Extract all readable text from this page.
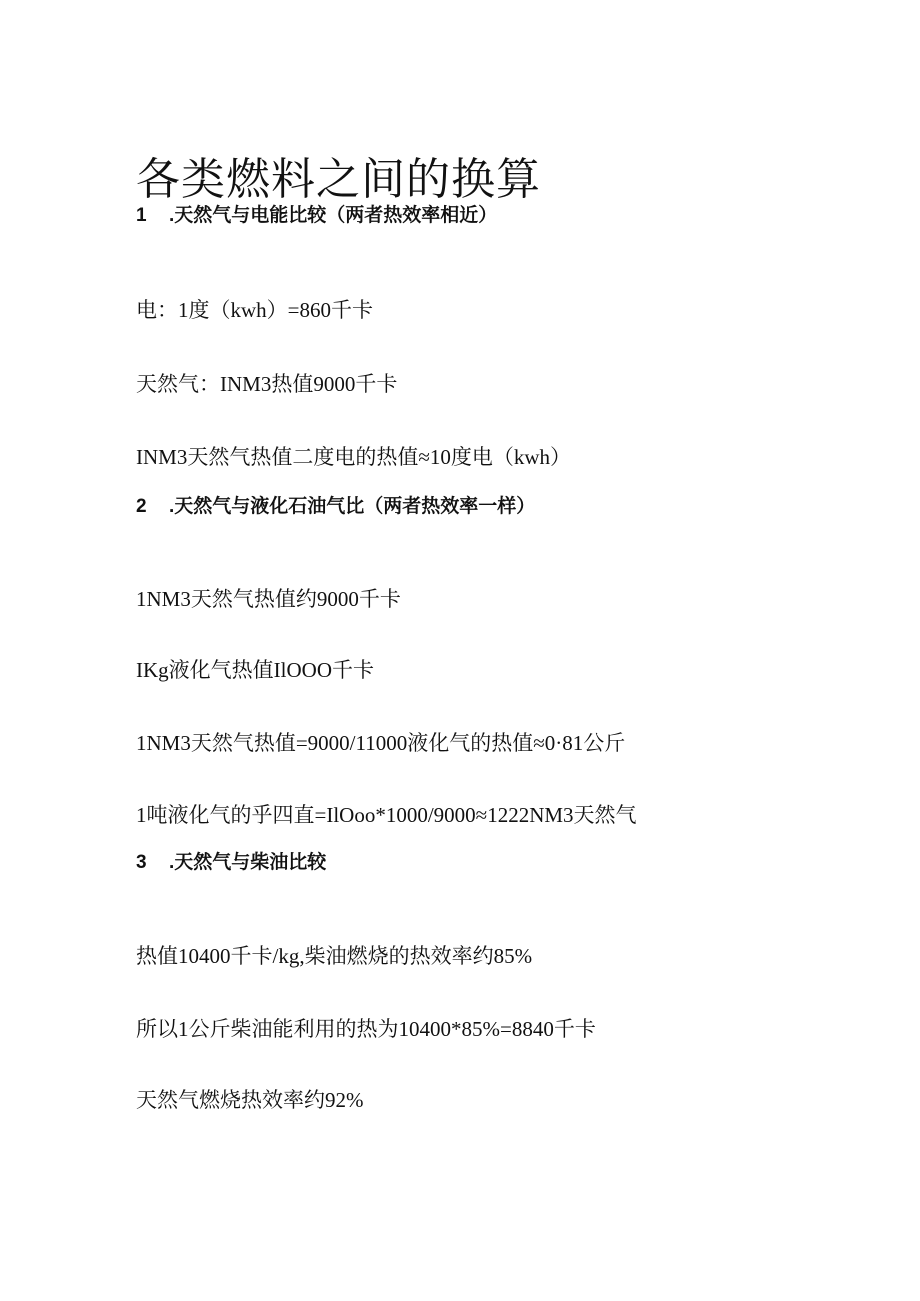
各类燃料之间的换算
1 .天然气与电能比较（两者热效率相近）

电：1度（kwh）=860千卡

天然气：INM3热值9000千卡

INM3天然气热值二度电的热值≈10度电（kwh）

2 .天然气与液化石油气比（两者热效率一样）

1NM3天然气热值约9000千卡

IKg液化气热值IlOOO千卡

1NM3天然气热值=9000/11000液化气的热值≈0·81公斤

1吨液化气的乎四直=IlOoo*1000/9000≈1222NM3天然气

3 .天然气与柴油比较

热值10400千卡/kg,柴油燃烧的热效率约85%

所以1公斤柴油能利用的热为10400*85%=8840千卡

天然气燃烧热效率约92%
